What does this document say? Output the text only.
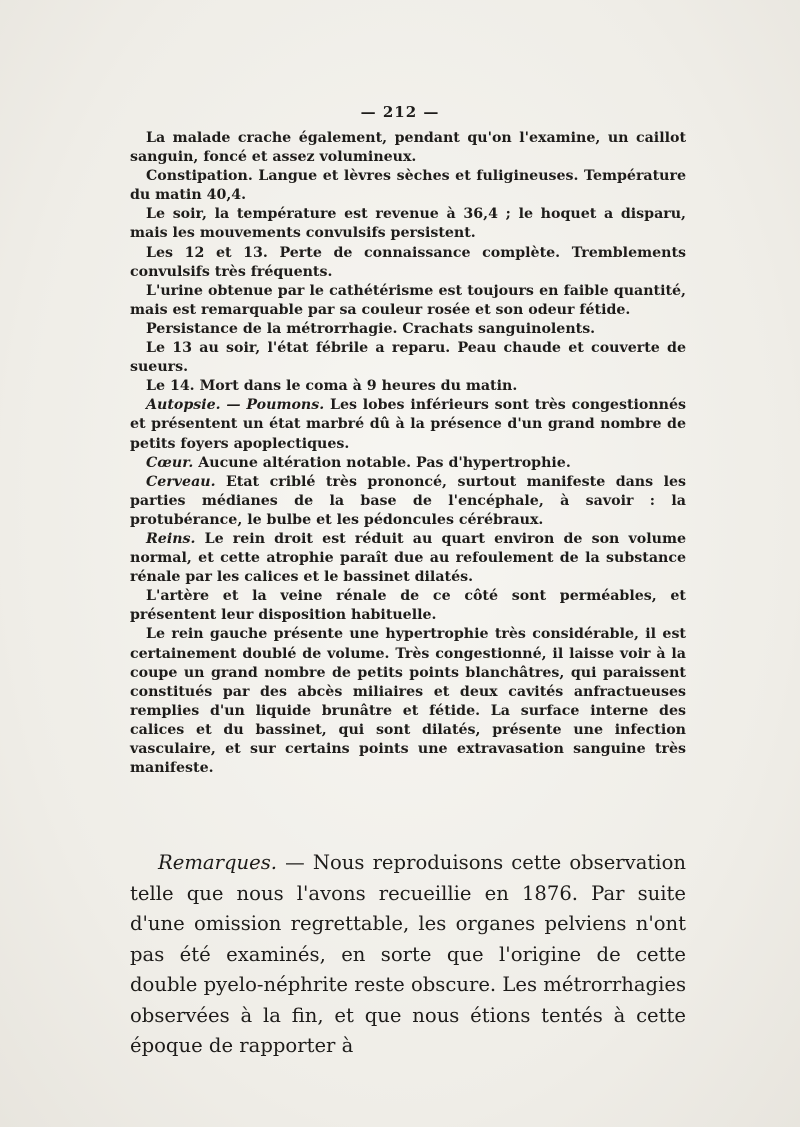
— 212 —

La malade crache également, pendant qu'on l'examine, un caillot sanguin, foncé et assez volumineux.

Constipation. Langue et lèvres sèches et fuligineuses. Température du matin 40,4.

Le soir, la température est revenue à 36,4 ; le hoquet a disparu, mais les mouvements convulsifs persistent.

Les 12 et 13. Perte de connaissance complète. Tremblements convulsifs très fréquents.

L'urine obtenue par le cathétérisme est toujours en faible quantité, mais est remarquable par sa couleur rosée et son odeur fétide.

Persistance de la métrorrhagie. Crachats sanguinolents.

Le 13 au soir, l'état fébrile a reparu. Peau chaude et couverte de sueurs.

Le 14. Mort dans le coma à 9 heures du matin.

Autopsie. — Poumons. Les lobes inférieurs sont très congestionnés et présentent un état marbré dû à la présence d'un grand nombre de petits foyers apoplectiques.

Cœur. Aucune altération notable. Pas d'hypertrophie.

Cerveau. Etat criblé très prononcé, surtout manifeste dans les parties médianes de la base de l'encéphale, à savoir : la protubérance, le bulbe et les pédoncules cérébraux.

Reins. Le rein droit est réduit au quart environ de son volume normal, et cette atrophie paraît due au refoulement de la substance rénale par les calices et le bassinet dilatés.

L'artère et la veine rénale de ce côté sont perméables, et présentent leur disposition habituelle.

Le rein gauche présente une hypertrophie très considérable, il est certainement doublé de volume. Très congestionné, il laisse voir à la coupe un grand nombre de petits points blanchâtres, qui paraissent constitués par des abcès miliaires et deux cavités anfractueuses remplies d'un liquide brunâtre et fétide. La surface interne des calices et du bassinet, qui sont dilatés, présente une infection vasculaire, et sur certains points une extravasation sanguine très manifeste.

Remarques. — Nous reproduisons cette observation telle que nous l'avons recueillie en 1876. Par suite d'une omission regrettable, les organes pelviens n'ont pas été examinés, en sorte que l'origine de cette double pyelo-néphrite reste obscure. Les métrorrhagies observées à la fin, et que nous étions tentés à cette époque de rapporter à
